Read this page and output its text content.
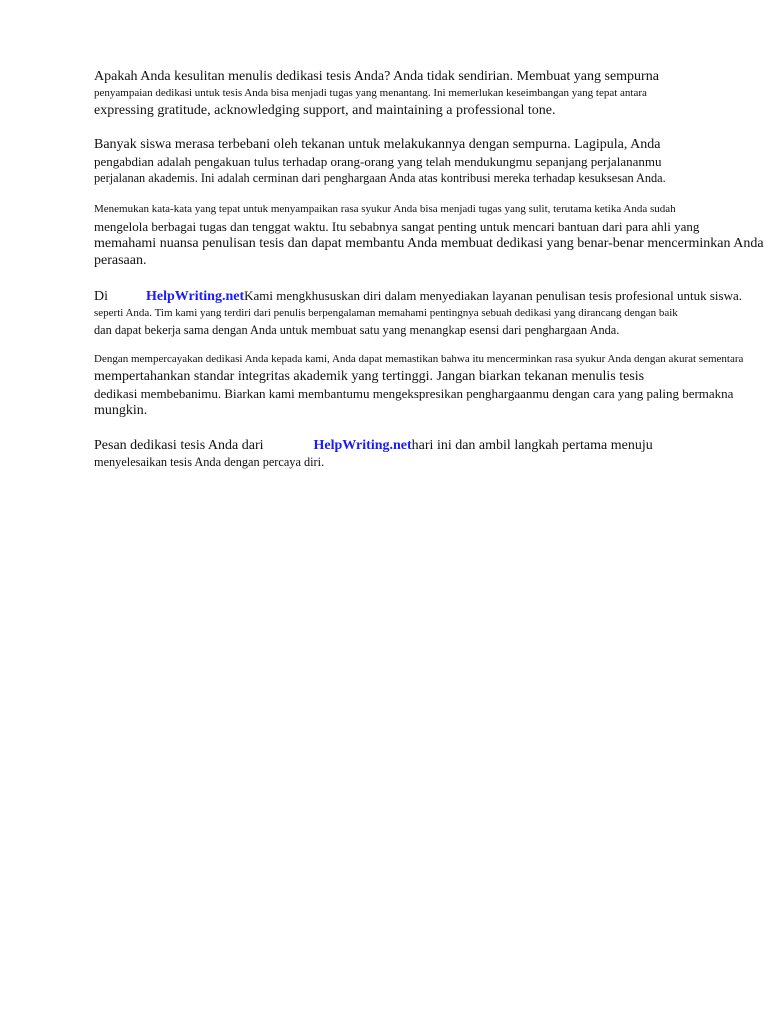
Apakah Anda kesulitan menulis dedikasi tesis Anda? Anda tidak sendirian. Membuat yang sempurna
penyampaian dedikasi untuk tesis Anda bisa menjadi tugas yang menantang. Ini memerlukan keseimbangan yang tepat antara
expressing gratitude, acknowledging support, and maintaining a professional tone.

Banyak siswa merasa terbebani oleh tekanan untuk melakukannya dengan sempurna. Lagipula, Anda
pengabdian adalah pengakuan tulus terhadap orang-orang yang telah mendukungmu sepanjang perjalananmu
perjalanan akademis. Ini adalah cerminan dari penghargaan Anda atas kontribusi mereka terhadap kesuksesan Anda.

Menemukan kata-kata yang tepat untuk menyampaikan rasa syukur Anda bisa menjadi tugas yang sulit, terutama ketika Anda sudah
mengelola berbagai tugas dan tenggat waktu. Itu sebabnya sangat penting untuk mencari bantuan dari para ahli yang
memahami nuansa penulisan tesis dan dapat membantu Anda membuat dedikasi yang benar-benar mencerminkan Anda
perasaan.

Di	HelpWriting.netKami mengkhususkan diri dalam menyediakan layanan penulisan tesis profesional untuk siswa.
seperti Anda. Tim kami yang terdiri dari penulis berpengalaman memahami pentingnya sebuah dedikasi yang dirancang dengan baik
dan dapat bekerja sama dengan Anda untuk membuat satu yang menangkap esensi dari penghargaan Anda.

Dengan mempercayakan dedikasi Anda kepada kami, Anda dapat memastikan bahwa itu mencerminkan rasa syukur Anda dengan akurat sementara
mempertahankan standar integritas akademik yang tertinggi. Jangan biarkan tekanan menulis tesis
dedikasi membebanimu. Biarkan kami membantumu mengekspresikan penghargaanmu dengan cara yang paling bermakna
mungkin.

Pesan dedikasi tesis Anda dari	HelpWriting.nethari ini dan ambil langkah pertama menuju
menyelesaikan tesis Anda dengan percaya diri.
